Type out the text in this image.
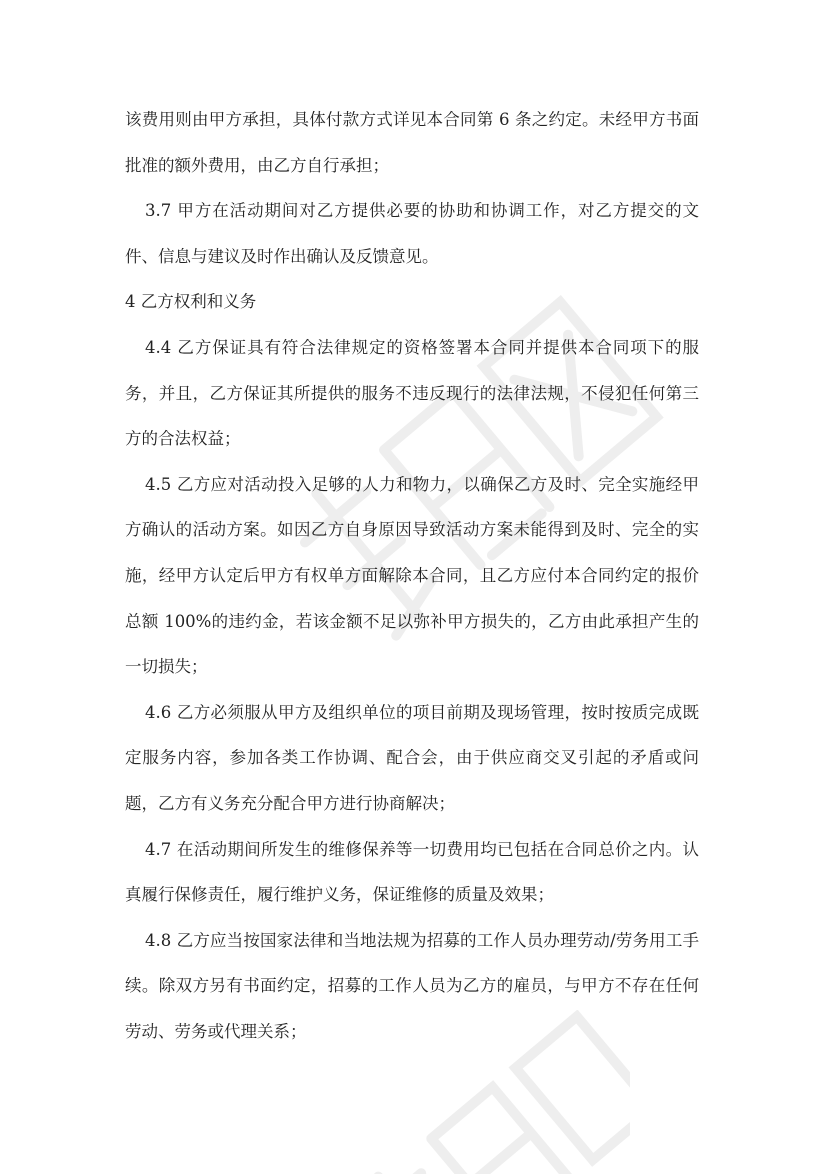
该费用则由甲方承担，具体付款方式详见本合同第 6 条之约定。未经甲方书面批准的额外费用，由乙方自行承担；

3.7 甲方在活动期间对乙方提供必要的协助和协调工作，对乙方提交的文件、信息与建议及时作出确认及反馈意见。

4 乙方权利和义务

4.4 乙方保证具有符合法律规定的资格签署本合同并提供本合同项下的服务，并且，乙方保证其所提供的服务不违反现行的法律法规，不侵犯任何第三方的合法权益；

4.5 乙方应对活动投入足够的人力和物力，以确保乙方及时、完全实施经甲方确认的活动方案。如因乙方自身原因导致活动方案未能得到及时、完全的实施，经甲方认定后甲方有权单方面解除本合同，且乙方应付本合同约定的报价总额 100%的违约金，若该金额不足以弥补甲方损失的，乙方由此承担产生的一切损失；

4.6 乙方必须服从甲方及组织单位的项目前期及现场管理，按时按质完成既定服务内容，参加各类工作协调、配合会，由于供应商交叉引起的矛盾或问题，乙方有义务充分配合甲方进行协商解决；

4.7 在活动期间所发生的维修保养等一切费用均已包括在合同总价之内。认真履行保修责任，履行维护义务，保证维修的质量及效果；

4.8 乙方应当按国家法律和当地法规为招募的工作人员办理劳动/劳务用工手续。除双方另有书面约定，招募的工作人员为乙方的雇员，与甲方不存在任何劳动、劳务或代理关系；
